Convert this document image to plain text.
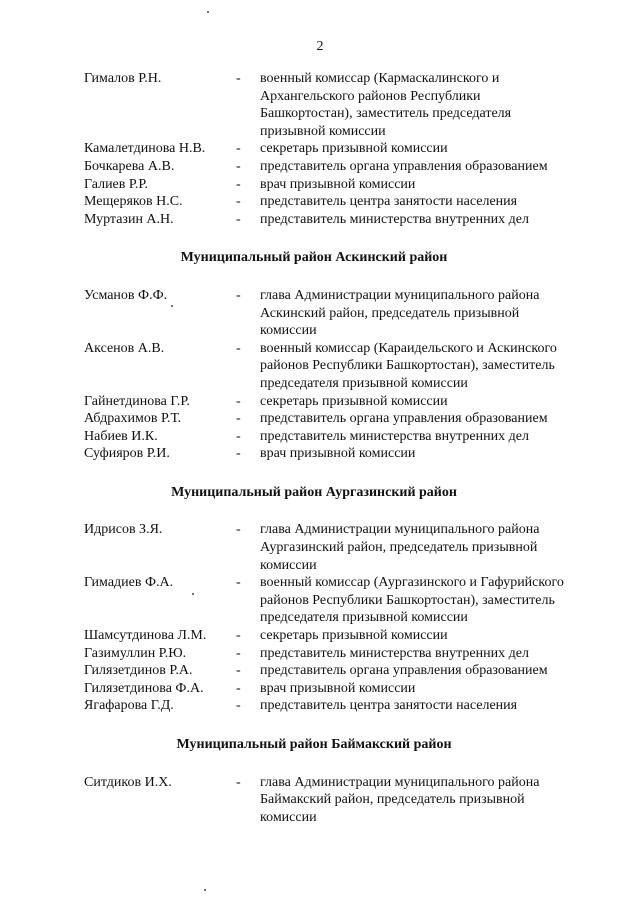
2
Гималов Р.Н.	-	военный комиссар (Кармаскалинского и
Архангельского районов Республики
Башкортостан), заместитель председателя
призывной комиссии
Камалетдинова Н.В.	-	секретарь призывной комиссии
Бочкарева А.В.	-	представитель органа управления образованием
Галиев Р.Р.	-	врач призывной комиссии
Мещеряков Н.С.	-	представитель центра занятости населения
Муртазин А.Н.	-	представитель министерства внутренних дел
Муниципальный район Аскинский район
Усманов Ф.Ф.	-	глава Администрации муниципального района
Аскинский район, председатель призывной
комиссии
Аксенов А.В.	-	военный комиссар (Караидельского и Аскинского
районов Республики Башкортостан), заместитель
председателя призывной комиссии
Гайнетдинова Г.Р.	-	секретарь призывной комиссии
Абдрахимов Р.Т.	-	представитель органа управления образованием
Набиев И.К.	-	представитель министерства внутренних дел
Суфияров Р.И.	-	врач призывной комиссии
Муниципальный район Аургазинский район
Идрисов З.Я.	-	глава Администрации муниципального района
Аургазинский район, председатель призывной
комиссии
Гимадиев Ф.А.	-	военный комиссар (Аургазинского и Гафурийского
районов Республики Башкортостан), заместитель
председателя призывной комиссии
Шамсутдинова Л.М.	-	секретарь призывной комиссии
Газимуллин Р.Ю.	-	представитель министерства внутренних дел
Гилязетдинов Р.А.	-	представитель органа управления образованием
Гилязетдинова Ф.А.	-	врач призывной комиссии
Ягафарова Г.Д.	-	представитель центра занятости населения
Муниципальный район Баймакский район
Ситдиков И.Х.	-	глава Администрации муниципального района
Баймакский район, председатель призывной
комиссии
